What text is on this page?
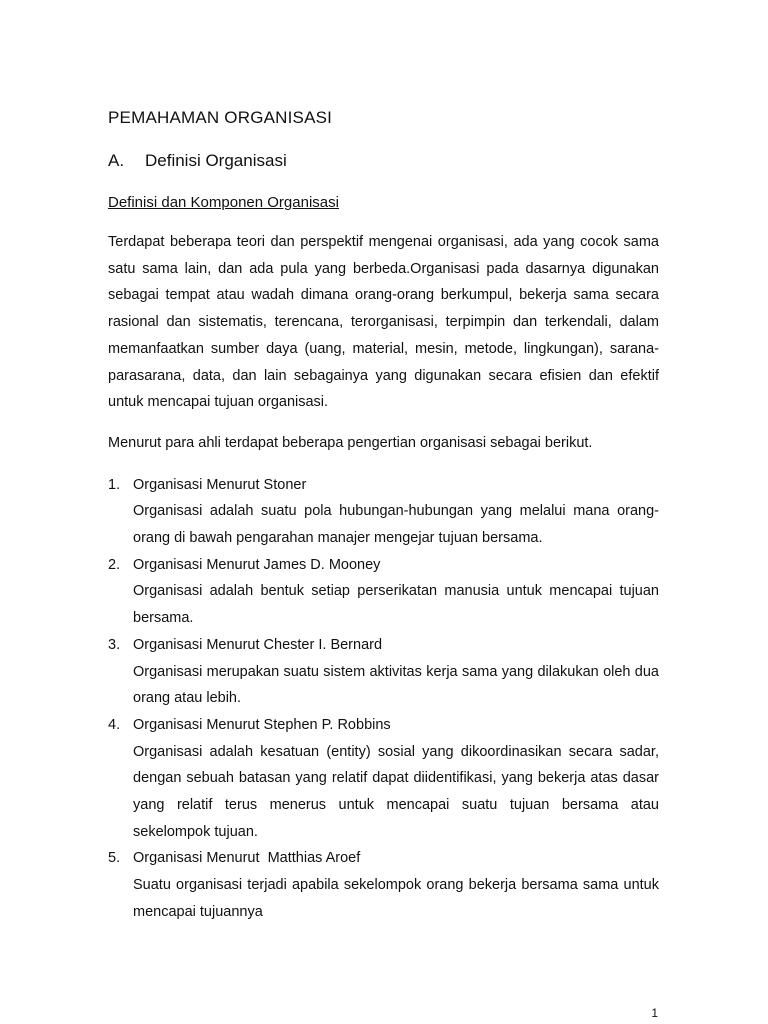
PEMAHAMAN ORGANISASI
A.	Definisi Organisasi
Definisi dan Komponen Organisasi

Terdapat beberapa teori dan perspektif mengenai organisasi, ada yang cocok sama satu sama lain, dan ada pula yang berbeda.Organisasi pada dasarnya digunakan sebagai tempat atau wadah dimana orang-orang berkumpul, bekerja sama secara rasional dan sistematis, terencana, terorganisasi, terpimpin dan terkendali, dalam memanfaatkan sumber daya (uang, material, mesin, metode, lingkungan), sarana-parasarana, data, dan lain sebagainya yang digunakan secara efisien dan efektif untuk mencapai tujuan organisasi.

Menurut para ahli terdapat beberapa pengertian organisasi sebagai berikut.

1. Organisasi Menurut Stoner
Organisasi adalah suatu pola hubungan-hubungan yang melalui mana orang-orang di bawah pengarahan manajer mengejar tujuan bersama.
2. Organisasi Menurut James D. Mooney
Organisasi adalah bentuk setiap perserikatan manusia untuk mencapai tujuan bersama.
3. Organisasi Menurut Chester I. Bernard
Organisasi merupakan suatu sistem aktivitas kerja sama yang dilakukan oleh dua orang atau lebih.
4. Organisasi Menurut Stephen P. Robbins
Organisasi adalah kesatuan (entity) sosial yang dikoordinasikan secara sadar, dengan sebuah batasan yang relatif dapat diidentifikasi, yang bekerja atas dasar yang relatif terus menerus untuk mencapai suatu tujuan bersama atau sekelompok tujuan.
5. Organisasi Menurut  Matthias Aroef
Suatu organisasi terjadi apabila sekelompok orang bekerja bersama sama untuk mencapai tujuannya
1
